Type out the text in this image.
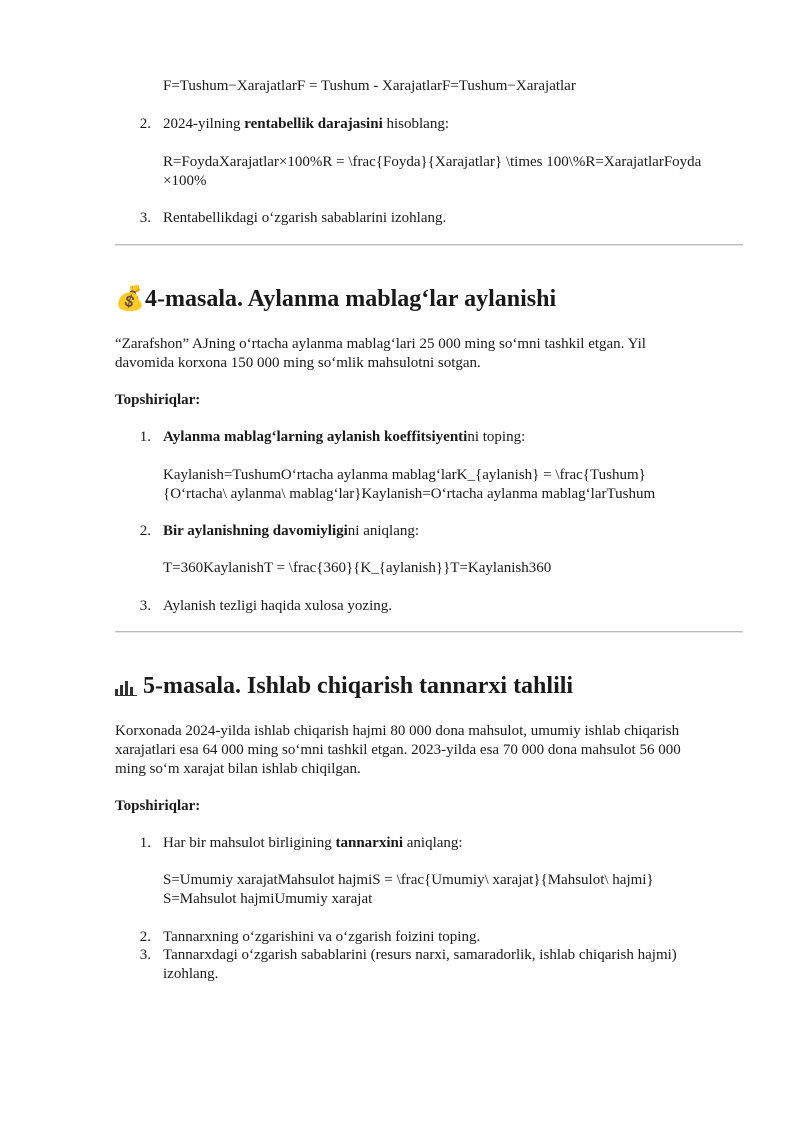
F=Tushum−XarajatlarF = Tushum - XarajatlarF=Tushum−Xarajatlar
2. 2024-yilning rentabellik darajasini hisoblang:
R=FoydaXarajatlar×100%R = \frac{Foyda}{Xarajatlar} \times 100\%R=XarajatlarFoyda
×100%
3. Rentabellikdagi o‘zgarish sabablarini izohlang.
💰4-masala. Aylanma mablag‘lar aylanishi
“Zarafshon” AJning o‘rtacha aylanma mablag‘lari 25 000 ming so‘mni tashkil etgan. Yil
davomida korxona 150 000 ming so‘mlik mahsulotni sotgan.
Topshiriqlar:
1. Aylanma mablag‘larning aylanish koeffitsiyentini toping:
Kaylanish=TushumO‘rtacha aylanma mablag‘larK_{aylanish} = \frac{Tushum}
{O‘rtacha\ aylanma\ mablag‘lar}Kaylanish=O‘rtacha aylanma mablag‘larTushum
2. Bir aylanishning davomiyligini aniqlang:
T=360KaylanishT = \frac{360}{K_{aylanish}}T=Kaylanish360
3. Aylanish tezligi haqida xulosa yozing.
5-masala. Ishlab chiqarish tannarxi tahlili
Korxonada 2024-yilda ishlab chiqarish hajmi 80 000 dona mahsulot, umumiy ishlab chiqarish
xarajatlari esa 64 000 ming so‘mni tashkil etgan. 2023-yilda esa 70 000 dona mahsulot 56 000
ming so‘m xarajat bilan ishlab chiqilgan.
Topshiriqlar:
1. Har bir mahsulot birligining tannarxini aniqlang:
S=Umumiy xarajatMahsulot hajmiS = \frac{Umumiy\ xarajat}{Mahsulot\ hajmi}
S=Mahsulot hajmiUmumiy xarajat
2. Tannarxning o‘zgarishini va o‘zgarish foizini toping.
3. Tannarxdagi o‘zgarish sabablarini (resurs narxi, samaradorlik, ishlab chiqarish hajmi)
izohlang.
